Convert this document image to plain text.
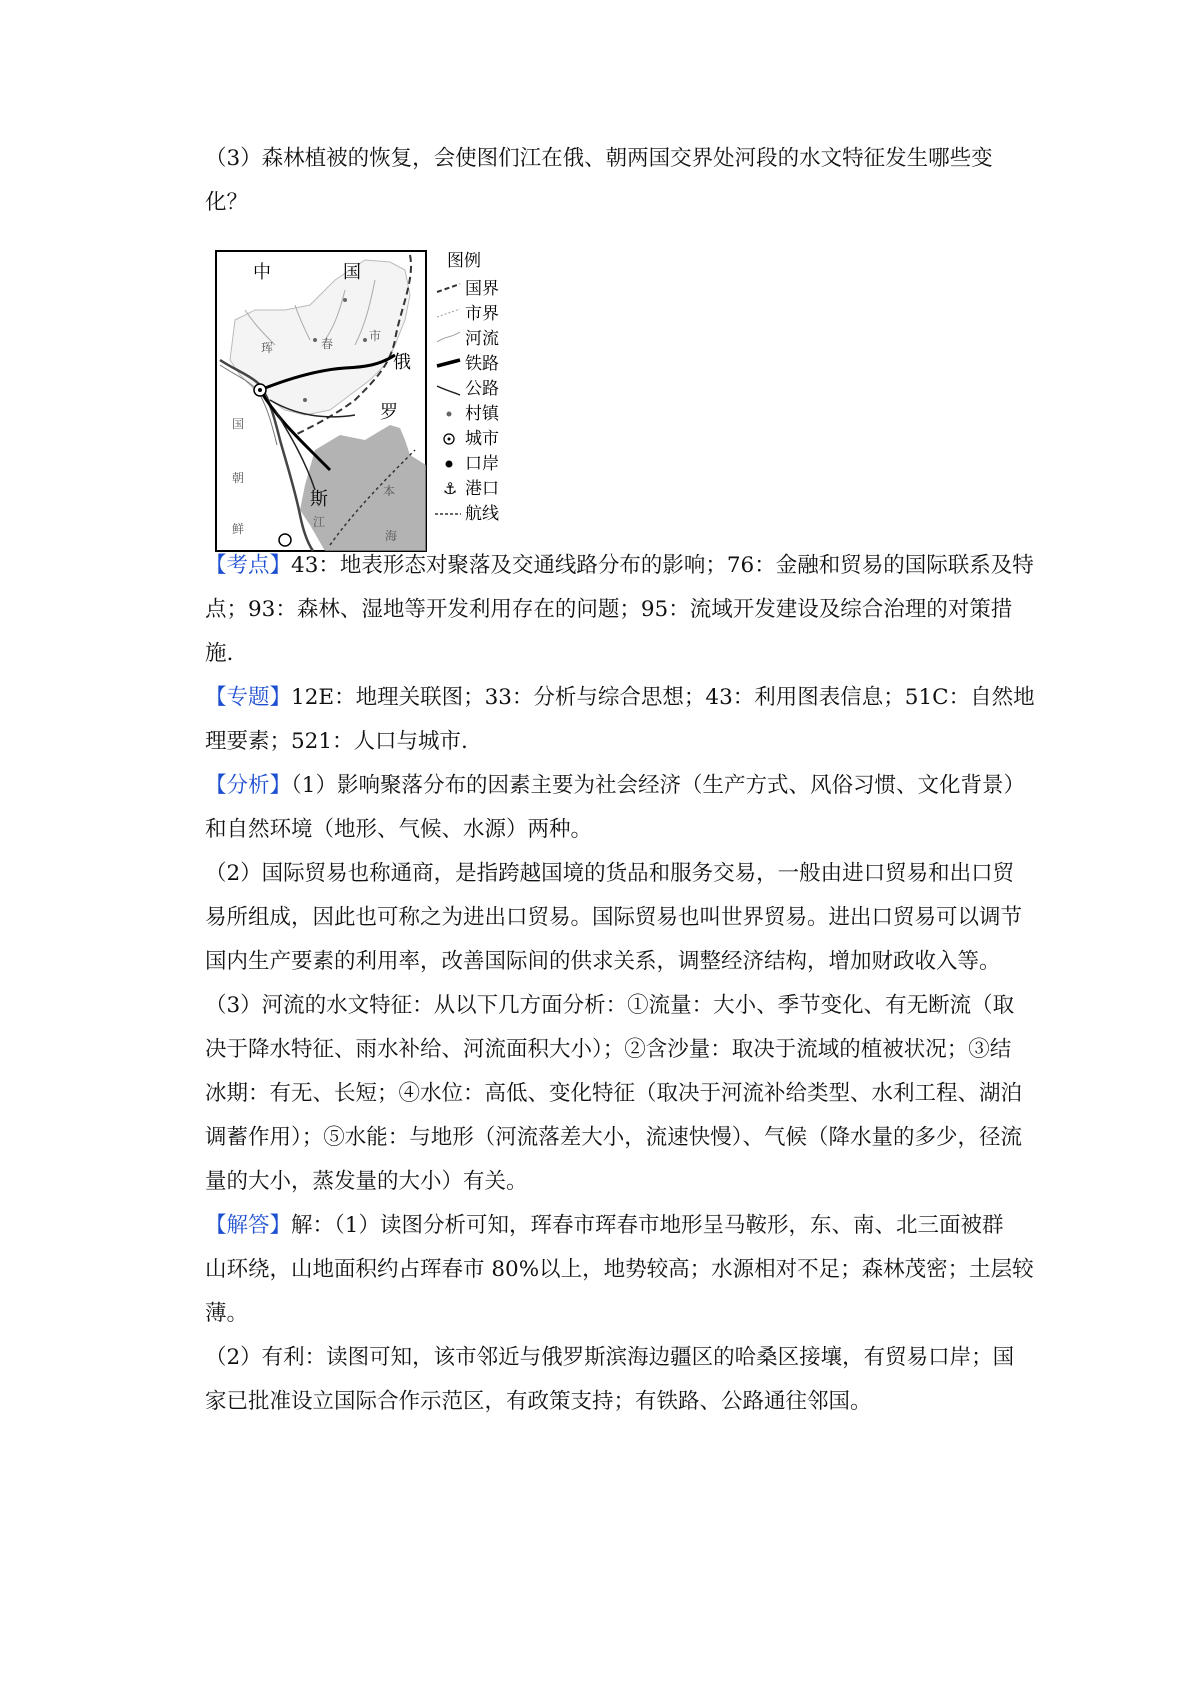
（3）森林植被的恢复，会使图们江在俄、朝两国交界处河段的水文特征发生哪些变

化？

中	国
俄
罗
斯
国
朝
鲜
珲	春
市
江
本
海
图例
国界
市界
河流
铁路
公路
村镇
城市
口岸
⚓ 港口
航线

【考点】43：地表形态对聚落及交通线路分布的影响；76：金融和贸易的国际联系及特

点；93：森林、湿地等开发利用存在的问题；95：流域开发建设及综合治理的对策措

施.

【专题】12E：地理关联图；33：分析与综合思想；43：利用图表信息；51C：自然地

理要素；521：人口与城市.

【分析】（1）影响聚落分布的因素主要为社会经济（生产方式、风俗习惯、文化背景）

和自然环境（地形、气候、水源）两种。

（2）国际贸易也称通商，是指跨越国境的货品和服务交易，一般由进口贸易和出口贸

易所组成，因此也可称之为进出口贸易。国际贸易也叫世界贸易。进出口贸易可以调节

国内生产要素的利用率，改善国际间的供求关系，调整经济结构，增加财政收入等。

（3）河流的水文特征：从以下几方面分析：①流量：大小、季节变化、有无断流（取

决于降水特征、雨水补给、河流面积大小）；②含沙量：取决于流域的植被状况；③结

冰期：有无、长短；④水位：高低、变化特征（取决于河流补给类型、水利工程、湖泊

调蓄作用）；⑤水能：与地形（河流落差大小，流速快慢）、气候（降水量的多少，径流

量的大小，蒸发量的大小）有关。

【解答】解：（1）读图分析可知，珲春市珲春市地形呈马鞍形，东、南、北三面被群

山环绕，山地面积约占珲春市 80%以上，地势较高；水源相对不足；森林茂密；土层较

薄。

（2）有利：读图可知，该市邻近与俄罗斯滨海边疆区的哈桑区接壤，有贸易口岸；国

家已批准设立国际合作示范区，有政策支持；有铁路、公路通往邻国。
